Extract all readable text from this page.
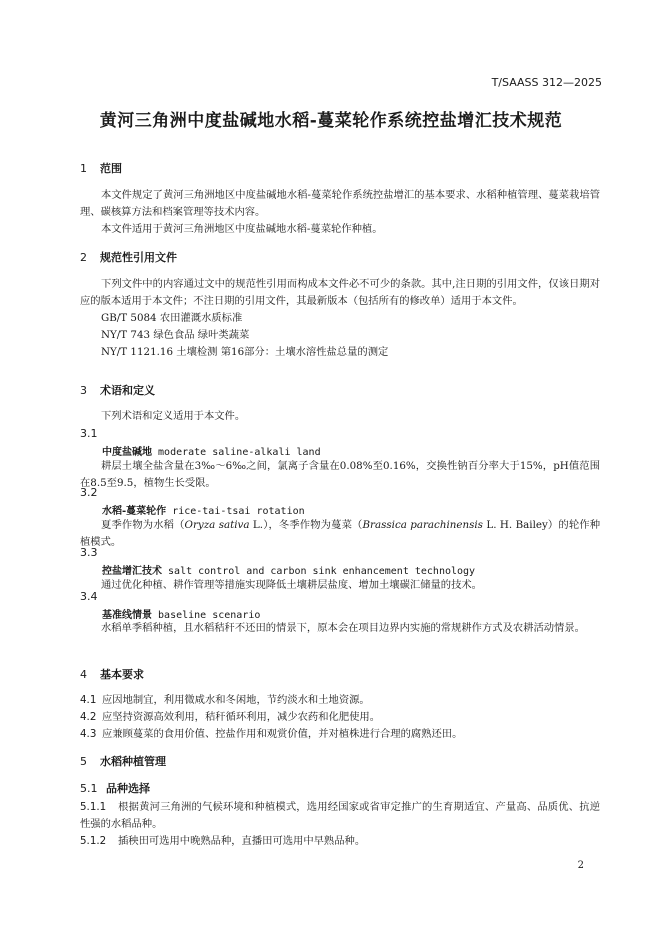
T/SAASS 312—2025
黄河三角洲中度盐碱地水稻-蔓菜轮作系统控盐增汇技术规范
1 范围

本文件规定了黄河三角洲地区中度盐碱地水稻-蔓菜轮作系统控盐增汇的基本要求、水稻种植管理、蔓菜栽培管理、碳核算方法和档案管理等技术内容。

本文件适用于黄河三角洲地区中度盐碱地水稻-蔓菜轮作种植。

2 规范性引用文件

下列文件中的内容通过文中的规范性引用而构成本文件必不可少的条款。其中,注日期的引用文件，仅该日期对应的版本适用于本文件；不注日期的引用文件，其最新版本（包括所有的修改单）适用于本文件。

GB/T 5084 农田灌溉水质标准

NY/T 743 绿色食品 绿叶类蔬菜

NY/T 1121.16 土壤检测 第16部分：土壤水溶性盐总量的测定

3 术语和定义

下列术语和定义适用于本文件。

3.1
中度盐碱地 moderate saline-alkali land

耕层土壤全盐含量在3‰～6‰之间，氯离子含量在0.08%至0.16%，交换性钠百分率大于15%，pH值范围在8.5至9.5，植物生长受限。

3.2
水稻-蔓菜轮作 rice-tai-tsai rotation

夏季作物为水稻（Oryza sativa L.），冬季作物为蔓菜（Brassica parachinensis L. H. Bailey）的轮作种植模式。

3.3
控盐增汇技术 salt control and carbon sink enhancement technology

通过优化种植、耕作管理等措施实现降低土壤耕层盐度、增加土壤碳汇储量的技术。

3.4
基准线情景 baseline scenario

水稻单季稻种植，且水稻秸秆不还田的情景下，原本会在项目边界内实施的常规耕作方式及农耕活动情景。

4 基本要求

4.1 应因地制宜，利用微咸水和冬闲地，节约淡水和土地资源。

4.2 应坚持资源高效利用，秸秆循环利用，减少农药和化肥使用。

4.3 应兼顾蔓菜的食用价值、控盐作用和观赏价值，并对植株进行合理的腐熟还田。

5 水稻种植管理
5.1 品种选择

5.1.1 根据黄河三角洲的气候环境和种植模式，选用经国家或省审定推广的生育期适宜、产量高、品质优、抗逆性强的水稻品种。

5.1.2 插秧田可选用中晚熟品种，直播田可选用中早熟品种。

2
